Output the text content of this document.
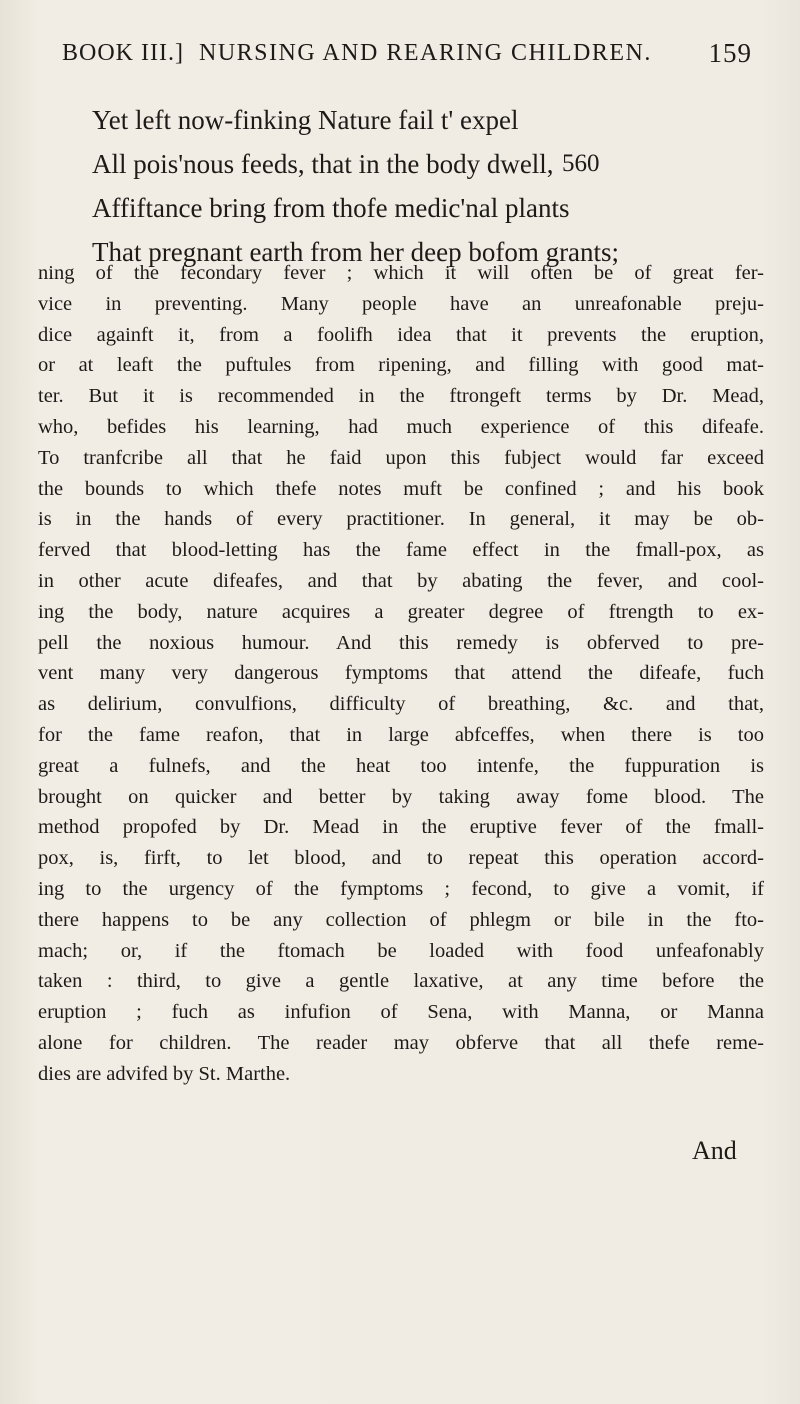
BOOK III.] NURSING AND REARING CHILDREN. 159
Yet left now-finking Nature fail t' expel
All pois'nous feeds, that in the body dwell, 560
Affiftance bring from thofe medic'nal plants
That pregnant earth from her deep bofom grants;
ning of the fecondary fever ; which it will often be of great fer-
vice in preventing. Many people have an unreafonable preju-
dice againft it, from a foolifh idea that it prevents the eruption,
or at leaft the puftules from ripening, and filling with good mat-
ter. But it is recommended in the ftrongeft terms by Dr. Mead,
who, befides his learning, had much experience of this difeafe.
To tranfcribe all that he faid upon this fubject would far exceed
the bounds to which thefe notes muft be confined ; and his book
is in the hands of every practitioner. In general, it may be ob-
ferved that blood-letting has the fame effect in the fmall-pox, as
in other acute difeafes, and that by abating the fever, and cool-
ing the body, nature acquires a greater degree of ftrength to ex-
pell the noxious humour. And this remedy is obferved to pre-
vent many very dangerous fymptoms that attend the difeafe, fuch
as delirium, convulfions, difficulty of breathing, &c. and that,
for the fame reafon, that in large abfceffes, when there is too
great a fulnefs, and the heat too intenfe, the fuppuration is
brought on quicker and better by taking away fome blood. The
method propofed by Dr. Mead in the eruptive fever of the fmall-
pox, is, firft, to let blood, and to repeat this operation accord-
ing to the urgency of the fymptoms ; fecond, to give a vomit, if
there happens to be any collection of phlegm or bile in the fto-
mach; or, if the ftomach be loaded with food unfeafonably
taken : third, to give a gentle laxative, at any time before the
eruption ; fuch as infufion of Sena, with Manna, or Manna
alone for children. The reader may obferve that all thefe reme-
dies are advifed by St. Marthe.
And
